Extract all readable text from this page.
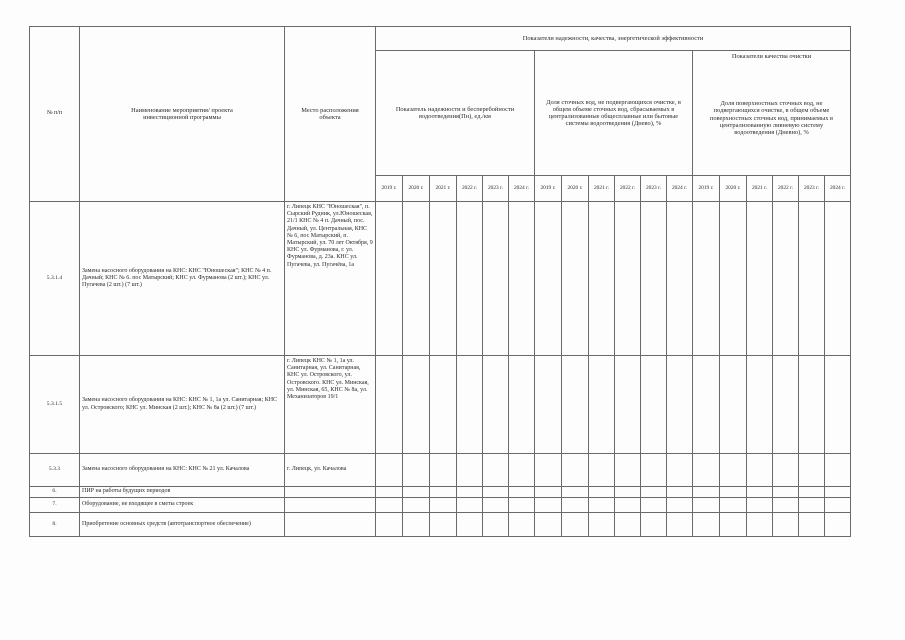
№ п/п	Наименование мероприятия/ проекта инвестиционной программы	Место расположения объекта	Показатели надежности, качества, энергетической эффективности																	
			Показатель надежности и бесперебойности водоотведения(Пн), ед./км						Доля сточных вод, не подвергающихся очистке, в общем объеме сточных вод, сбрасываемых в централизованные общесплавные или бытовые системы водоотведения (Днево), %						Показатели качества очистки					
															Доля поверхностных сточных вод, не подвергающихся очистке, в общем объеме поверхностных сточных вод, принимаемых в централизованную ливневую систему водоотведения (Дневно), %					
			2019 г.	2020 г.	2021 г.	2022 г.	2023 г.	2024 г.	2019 г.	2020 г.	2021 г.	2022 г.	2023 г.	2024 г.	2019 г.	2020 г.	2021 г.	2022 г.	2023 г.	2024 г.
5.3.1.4	Замена насосного оборудования на КНС: КНС "Юношеская"; КНС № 4 п. Дачный; КНС № 6. пос Матырский; КНС ул. Фурманова (2 шт.); КНС ул. Пугачева (2 шт.) (7 шт.)	г. Липецк КНС "Юношеская", п. Сырский Рудник, ул.Юношеская, 21/1 КНС № 4 п. Дачный, пос. Дачный, ул. Центральная, КНС № 6, пос Матырский, п. Матырский, ул. 70 лет Октября, 9 КНС ул. Фурманова, г. ул. Фурманова, д. 23а. КНС ул. Пугачева, ул. Пугачёва, 1а																		
5.3.1.5	Замена насосного оборудования на КНС: КНС № 1, 1а ул. Санитарная; КНС ул. Островского; КНС ул. Минская (2 шт.); КНС № 8а (2 шт.) (7 шт.)	г. Липецк КНС № 1, 1а ул. Санитарная, ул. Санитарная, КНС ул. Островского, ул. Островского. КНС ул. Минская, ул. Минская, 65, КНС № 8а, ул. Механизаторов 19/1																		
5.3.3	Замена насосного оборудования на КНС: КНС № 21 ул. Качалова	г. Липецк, ул. Качалова																		
6.	ПИР на работы будущих периодов																			
7.	Оборудование, не входящее в сметы строек																			
8.	Приобретение основных средств (автотранспортное обеспечение)																			
